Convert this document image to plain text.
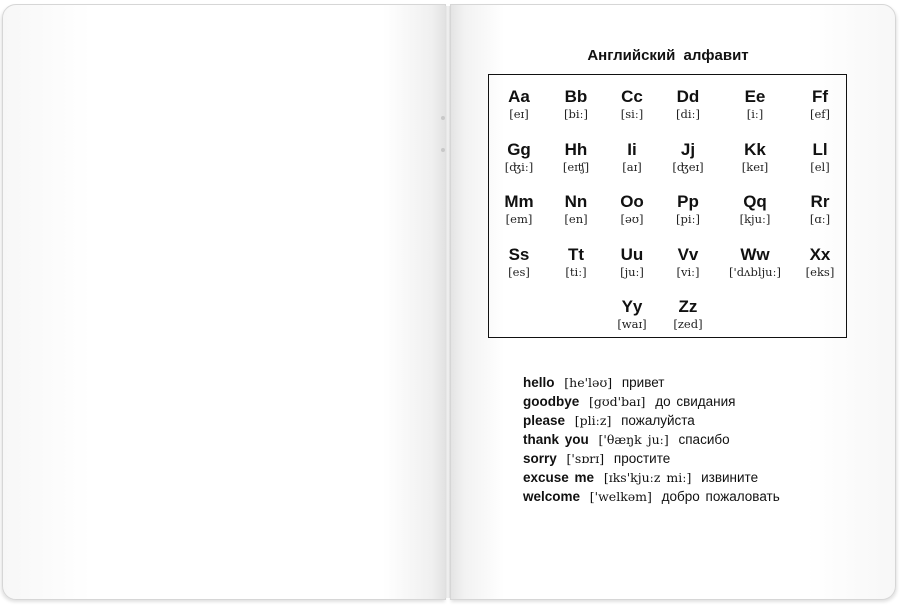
Английский алфавит
Aa
[eɪ]
Bb
[biː]
Cc
[siː]
Dd
[diː]
Ee
[iː]
Ff
[ef]
Gg
[ʤiː]
Hh
[eɪʧ]
Ii
[aɪ]
Jj
[ʤeɪ]
Kk
[keɪ]
Ll
[el]
Mm
[em]
Nn
[en]
Oo
[əʊ]
Pp
[piː]
Qq
[kjuː]
Rr
[ɑː]
Ss
[es]
Tt
[tiː]
Uu
[juː]
Vv
[viː]
Ww
['dʌbljuː]
Xx
[eks]
Yy
[waɪ]
Zz
[zed]
hello [he'ləʊ] привет
goodbye [gʊd'baɪ] до свидания
please [pliːz] пожалуйста
thank you ['θæŋk juː] спасибо
sorry ['sɒrɪ] простите
excuse me [ɪks'kjuːz miː] извините
welcome ['welkəm] добро пожаловать
